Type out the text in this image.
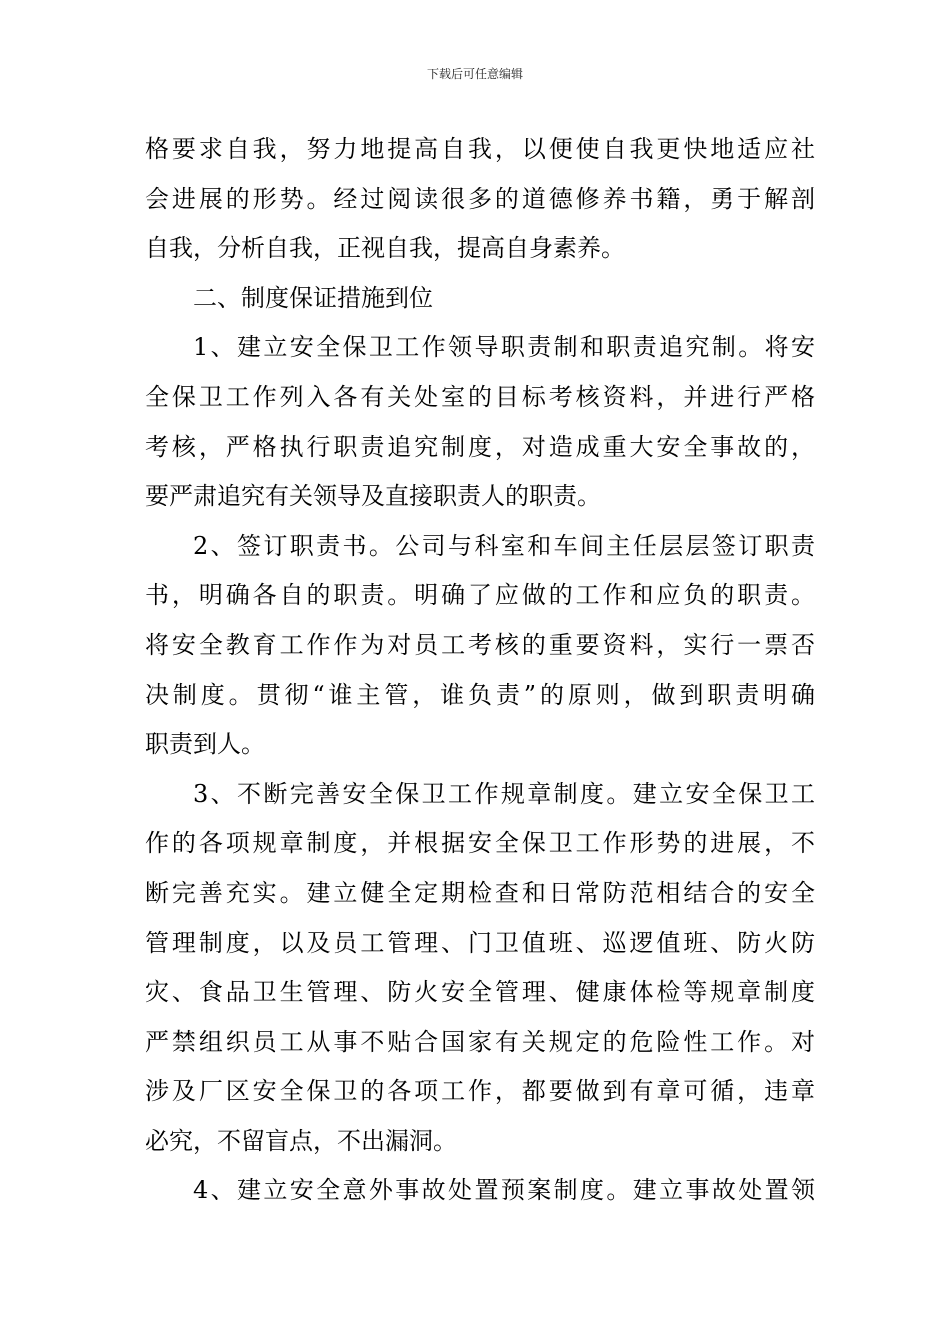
下载后可任意编辑
格要求自我，努力地提高自我，以便使自我更快地适应社
会进展的形势。经过阅读很多的道德修养书籍，勇于解剖
自我，分析自我，正视自我，提高自身素养。
二、制度保证措施到位
1、建立安全保卫工作领导职责制和职责追究制。将安
全保卫工作列入各有关处室的目标考核资料，并进行严格
考核，严格执行职责追究制度，对造成重大安全事故的，
要严肃追究有关领导及直接职责人的职责。
2、签订职责书。公司与科室和车间主任层层签订职责
书，明确各自的职责。明确了应做的工作和应负的职责。
将安全教育工作作为对员工考核的重要资料，实行一票否
决制度。贯彻“谁主管，谁负责”的原则，做到职责明确
职责到人。
3、不断完善安全保卫工作规章制度。建立安全保卫工
作的各项规章制度，并根据安全保卫工作形势的进展，不
断完善充实。建立健全定期检查和日常防范相结合的安全
管理制度，以及员工管理、门卫值班、巡逻值班、防火防
灾、食品卫生管理、防火安全管理、健康体检等规章制度
严禁组织员工从事不贴合国家有关规定的危险性工作。对
涉及厂区安全保卫的各项工作，都要做到有章可循，违章
必究，不留盲点，不出漏洞。
4、建立安全意外事故处置预案制度。建立事故处置领
